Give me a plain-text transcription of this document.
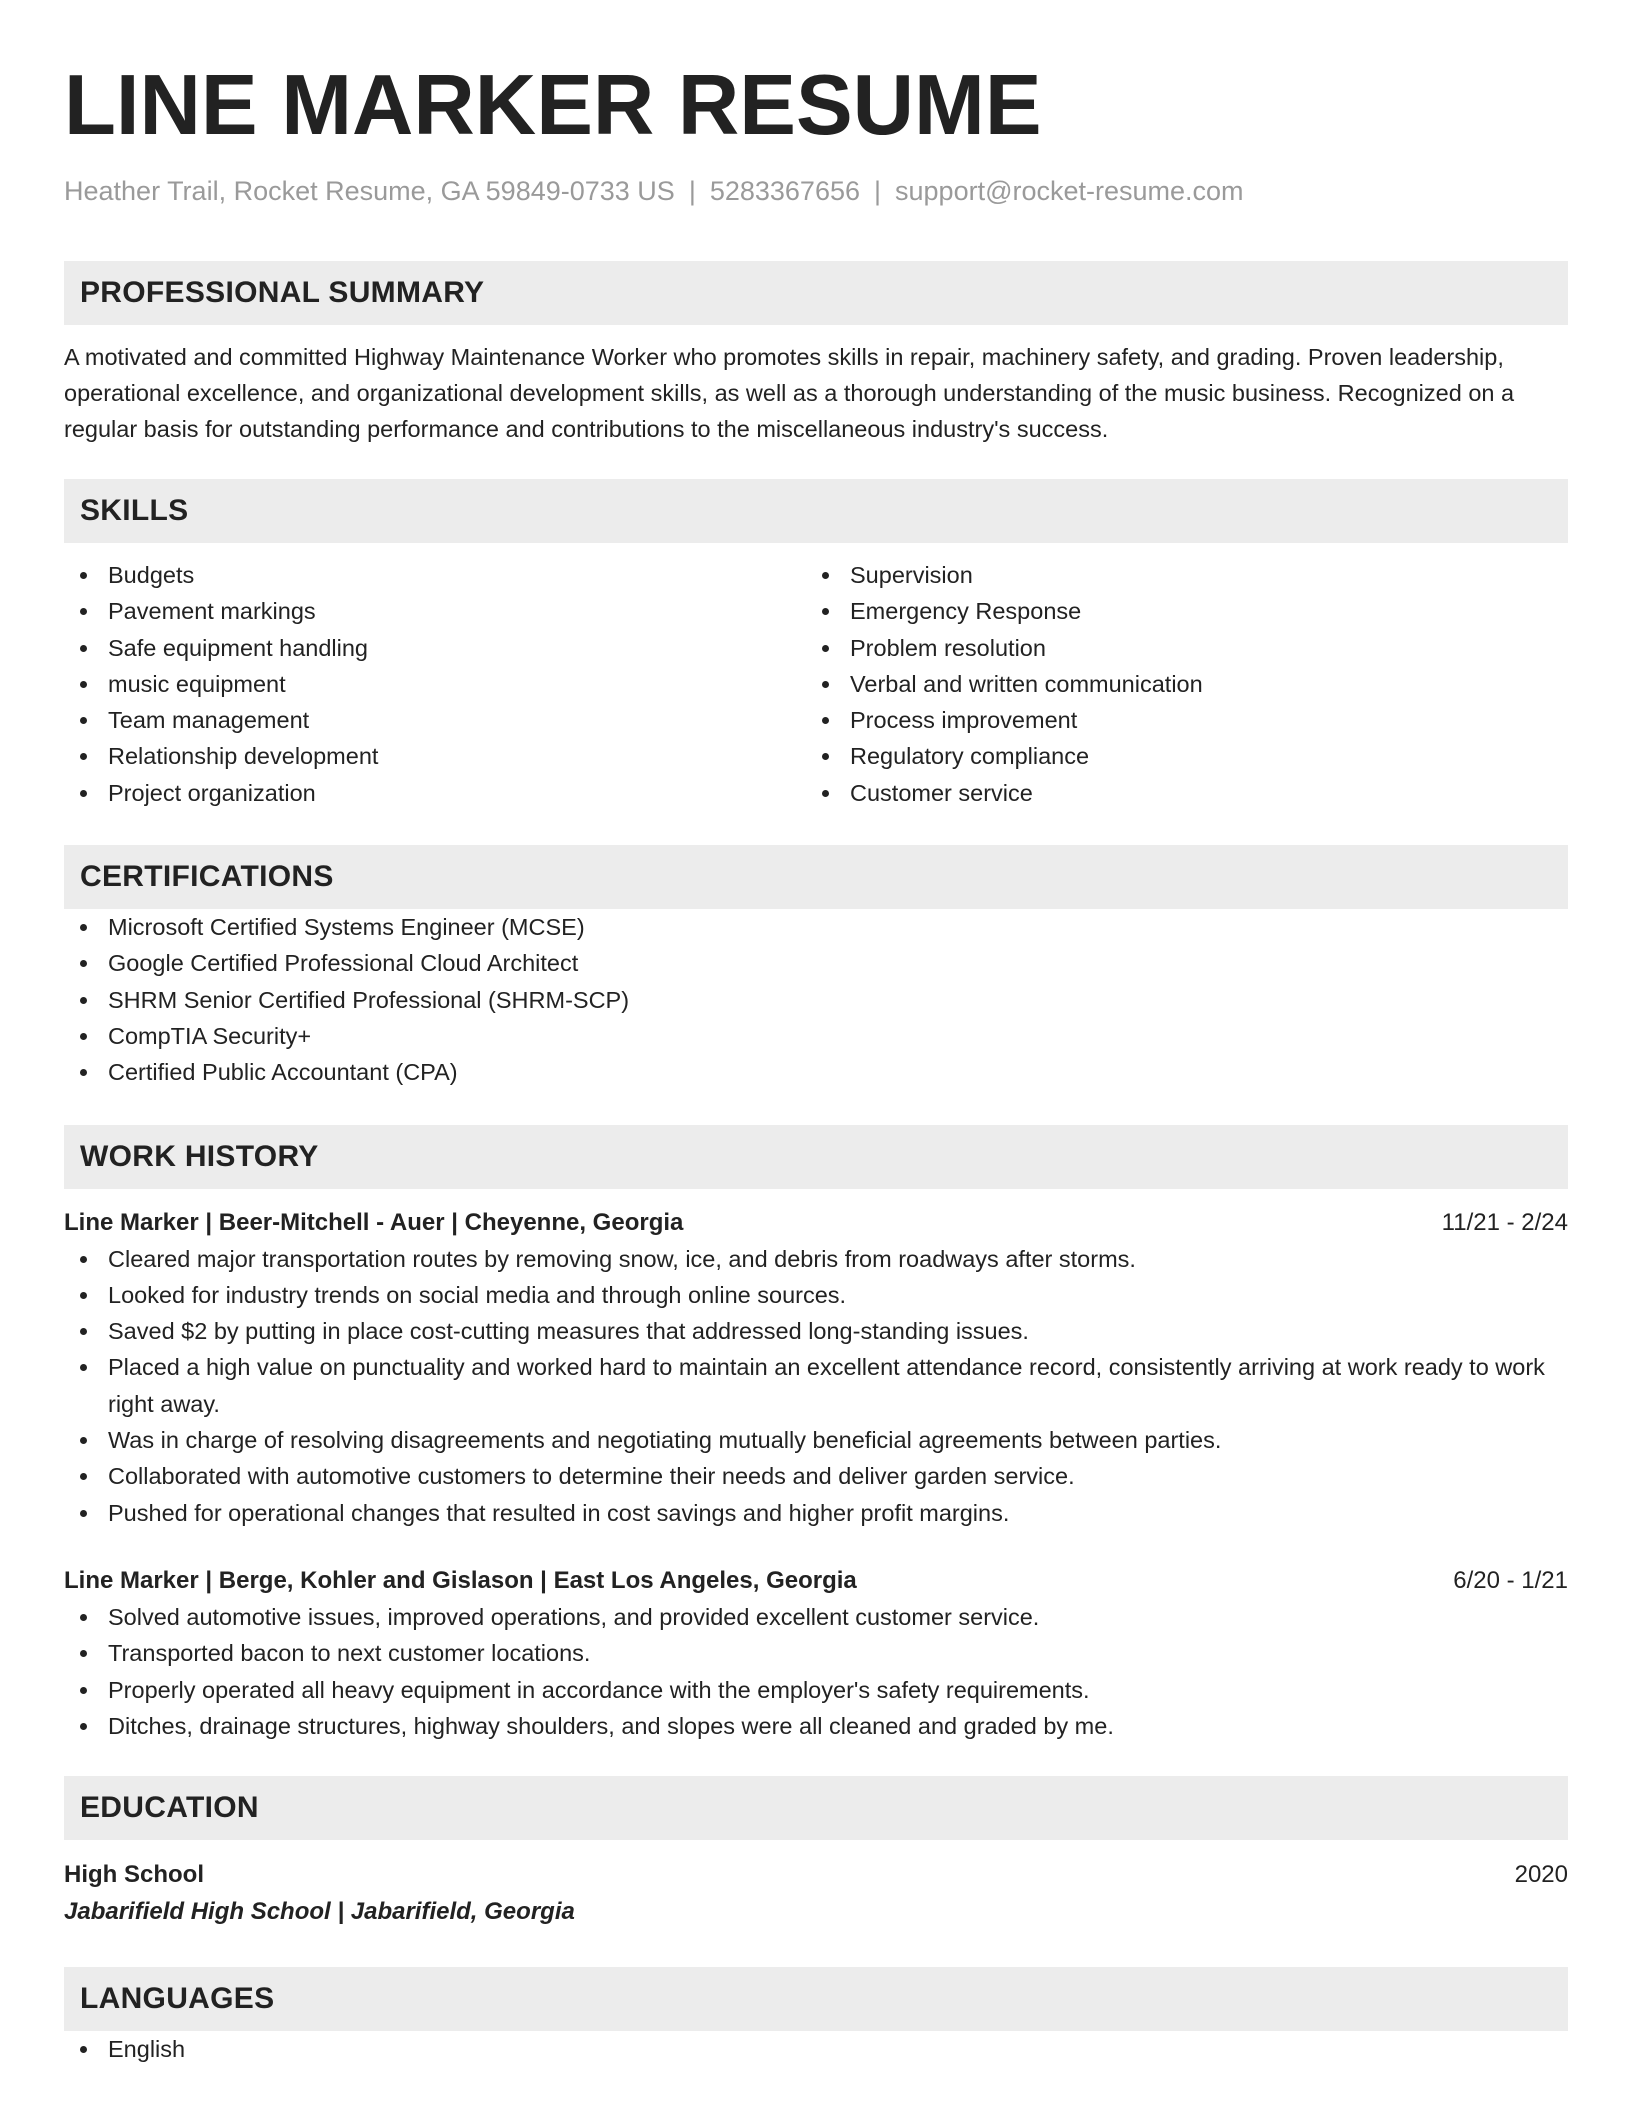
LINE MARKER RESUME
Heather Trail, Rocket Resume, GA 59849-0733 US | 5283367656 | support@rocket-resume.com
PROFESSIONAL SUMMARY
A motivated and committed Highway Maintenance Worker who promotes skills in repair, machinery safety, and grading. Proven leadership, operational excellence, and organizational development skills, as well as a thorough understanding of the music business. Recognized on a regular basis for outstanding performance and contributions to the miscellaneous industry's success.
SKILLS
Budgets
Pavement markings
Safe equipment handling
music equipment
Team management
Relationship development
Project organization
Supervision
Emergency Response
Problem resolution
Verbal and written communication
Process improvement
Regulatory compliance
Customer service
CERTIFICATIONS
Microsoft Certified Systems Engineer (MCSE)
Google Certified Professional Cloud Architect
SHRM Senior Certified Professional (SHRM-SCP)
CompTIA Security+
Certified Public Accountant (CPA)
WORK HISTORY
Line Marker | Beer-Mitchell - Auer | Cheyenne, Georgia	11/21 - 2/24
Cleared major transportation routes by removing snow, ice, and debris from roadways after storms.
Looked for industry trends on social media and through online sources.
Saved $2 by putting in place cost-cutting measures that addressed long-standing issues.
Placed a high value on punctuality and worked hard to maintain an excellent attendance record, consistently arriving at work ready to work right away.
Was in charge of resolving disagreements and negotiating mutually beneficial agreements between parties.
Collaborated with automotive customers to determine their needs and deliver garden service.
Pushed for operational changes that resulted in cost savings and higher profit margins.
Line Marker | Berge, Kohler and Gislason | East Los Angeles, Georgia	6/20 - 1/21
Solved automotive issues, improved operations, and provided excellent customer service.
Transported bacon to next customer locations.
Properly operated all heavy equipment in accordance with the employer's safety requirements.
Ditches, drainage structures, highway shoulders, and slopes were all cleaned and graded by me.
EDUCATION
High School	2020
Jabarifield High School | Jabarifield, Georgia
LANGUAGES
English
